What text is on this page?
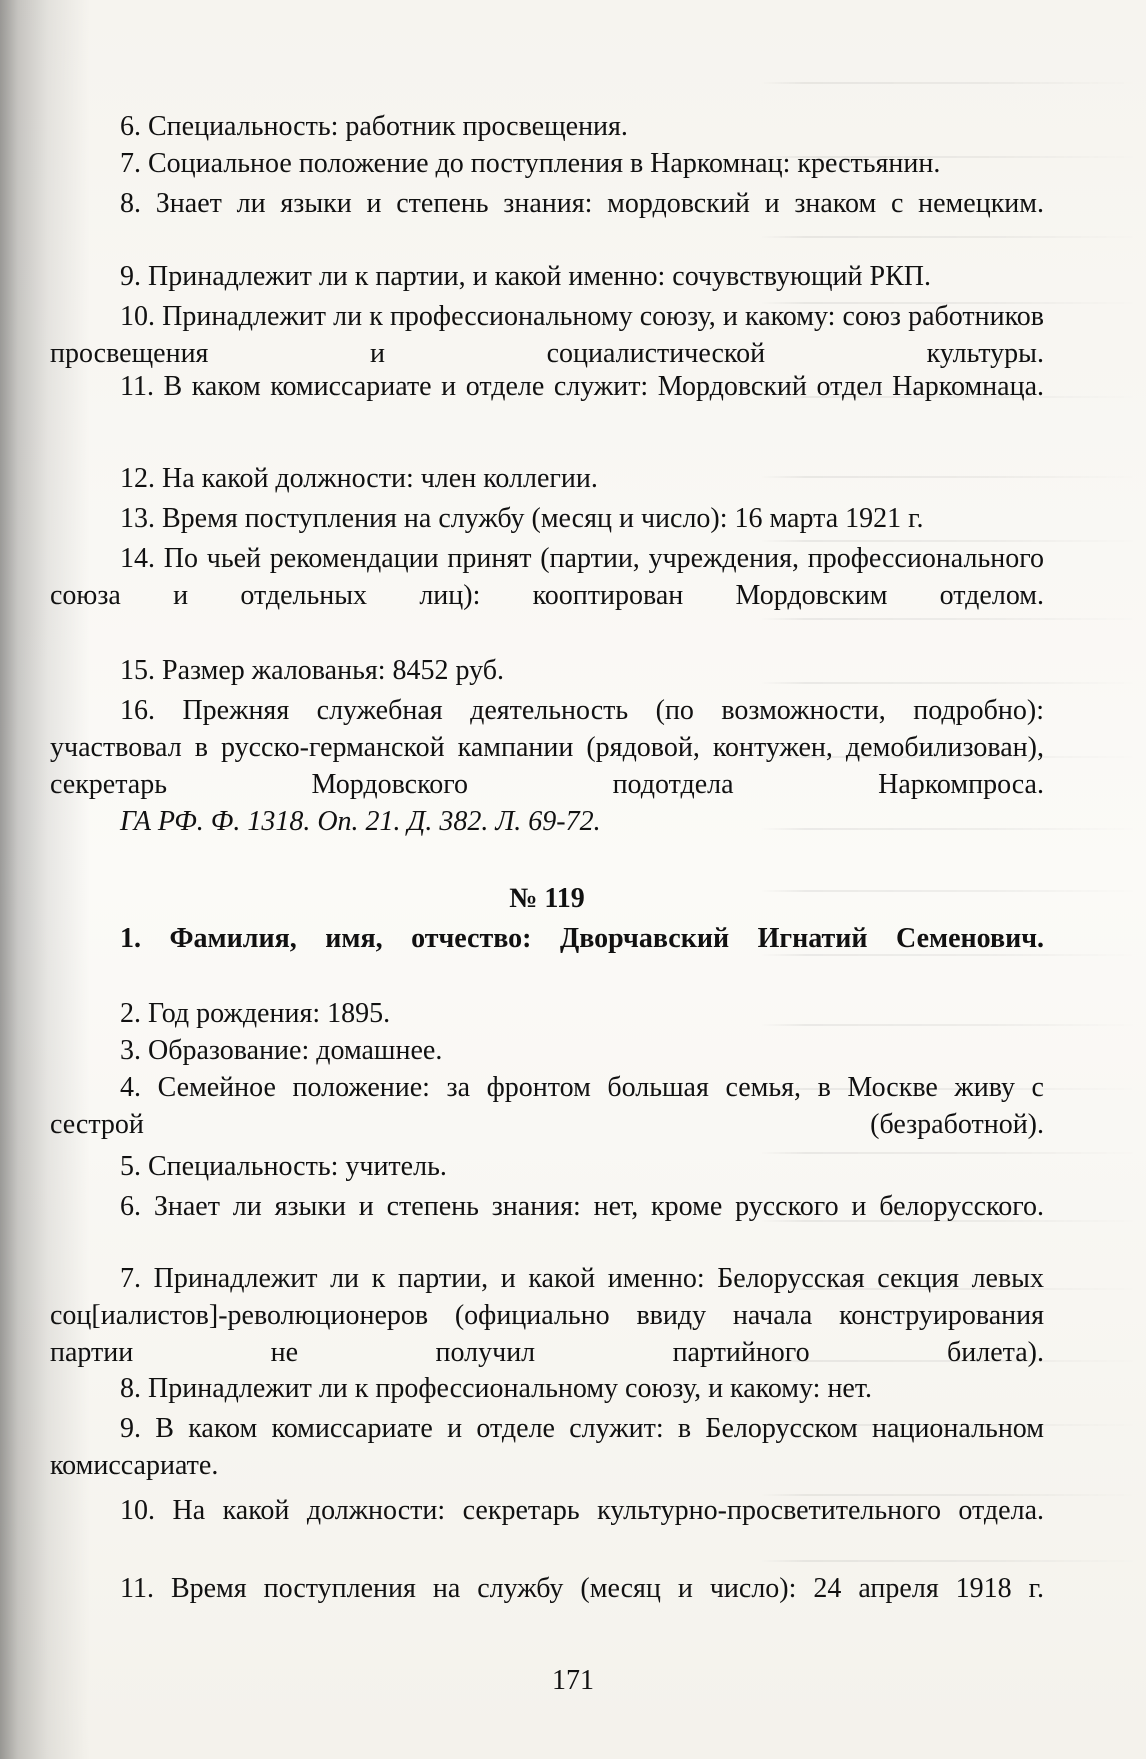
6. Специальность: работник просвещения.
7. Социальное положение до поступления в Наркомнац: крестьянин.
8. Знает ли языки и степень знания: мордовский и знаком с немецким.
9. Принадлежит ли к партии, и какой именно: сочувствующий РКП.
10. Принадлежит ли к профессиональному союзу, и какому: союз работников просвещения и социалистической культуры.
11. В каком комиссариате и отделе служит: Мордовский отдел Наркомнаца.
12. На какой должности: член коллегии.
13. Время поступления на службу (месяц и число): 16 марта 1921 г.
14. По чьей рекомендации принят (партии, учреждения, профессионального союза и отдельных лиц): кооптирован Мордовским отделом.
15. Размер жалованья: 8452 руб.
16. Прежняя служебная деятельность (по возможности, подробно): участвовал в русско-германской кампании (рядовой, контужен, демобилизован), секретарь Мордовского подотдела Наркомпроса.
ГА РФ. Ф. 1318. Оп. 21. Д. 382. Л. 69-72.
№ 119
1. Фамилия, имя, отчество: Дворчавский Игнатий Семенович.
2. Год рождения: 1895.
3. Образование: домашнее.
4. Семейное положение: за фронтом большая семья, в Москве живу с сестрой (безработной).
5. Специальность: учитель.
6. Знает ли языки и степень знания: нет, кроме русского и белорусского.
7. Принадлежит ли к партии, и какой именно: Белорусская секция левых соц[иалистов]-революционеров (официально ввиду начала конструирования партии не получил партийного билета).
8. Принадлежит ли к профессиональному союзу, и какому: нет.
9. В каком комиссариате и отделе служит: в Белорусском национальном комиссариате.
10. На какой должности: секретарь культурно-просветительного отдела.
11. Время поступления на службу (месяц и число): 24 апреля 1918 г.
171
